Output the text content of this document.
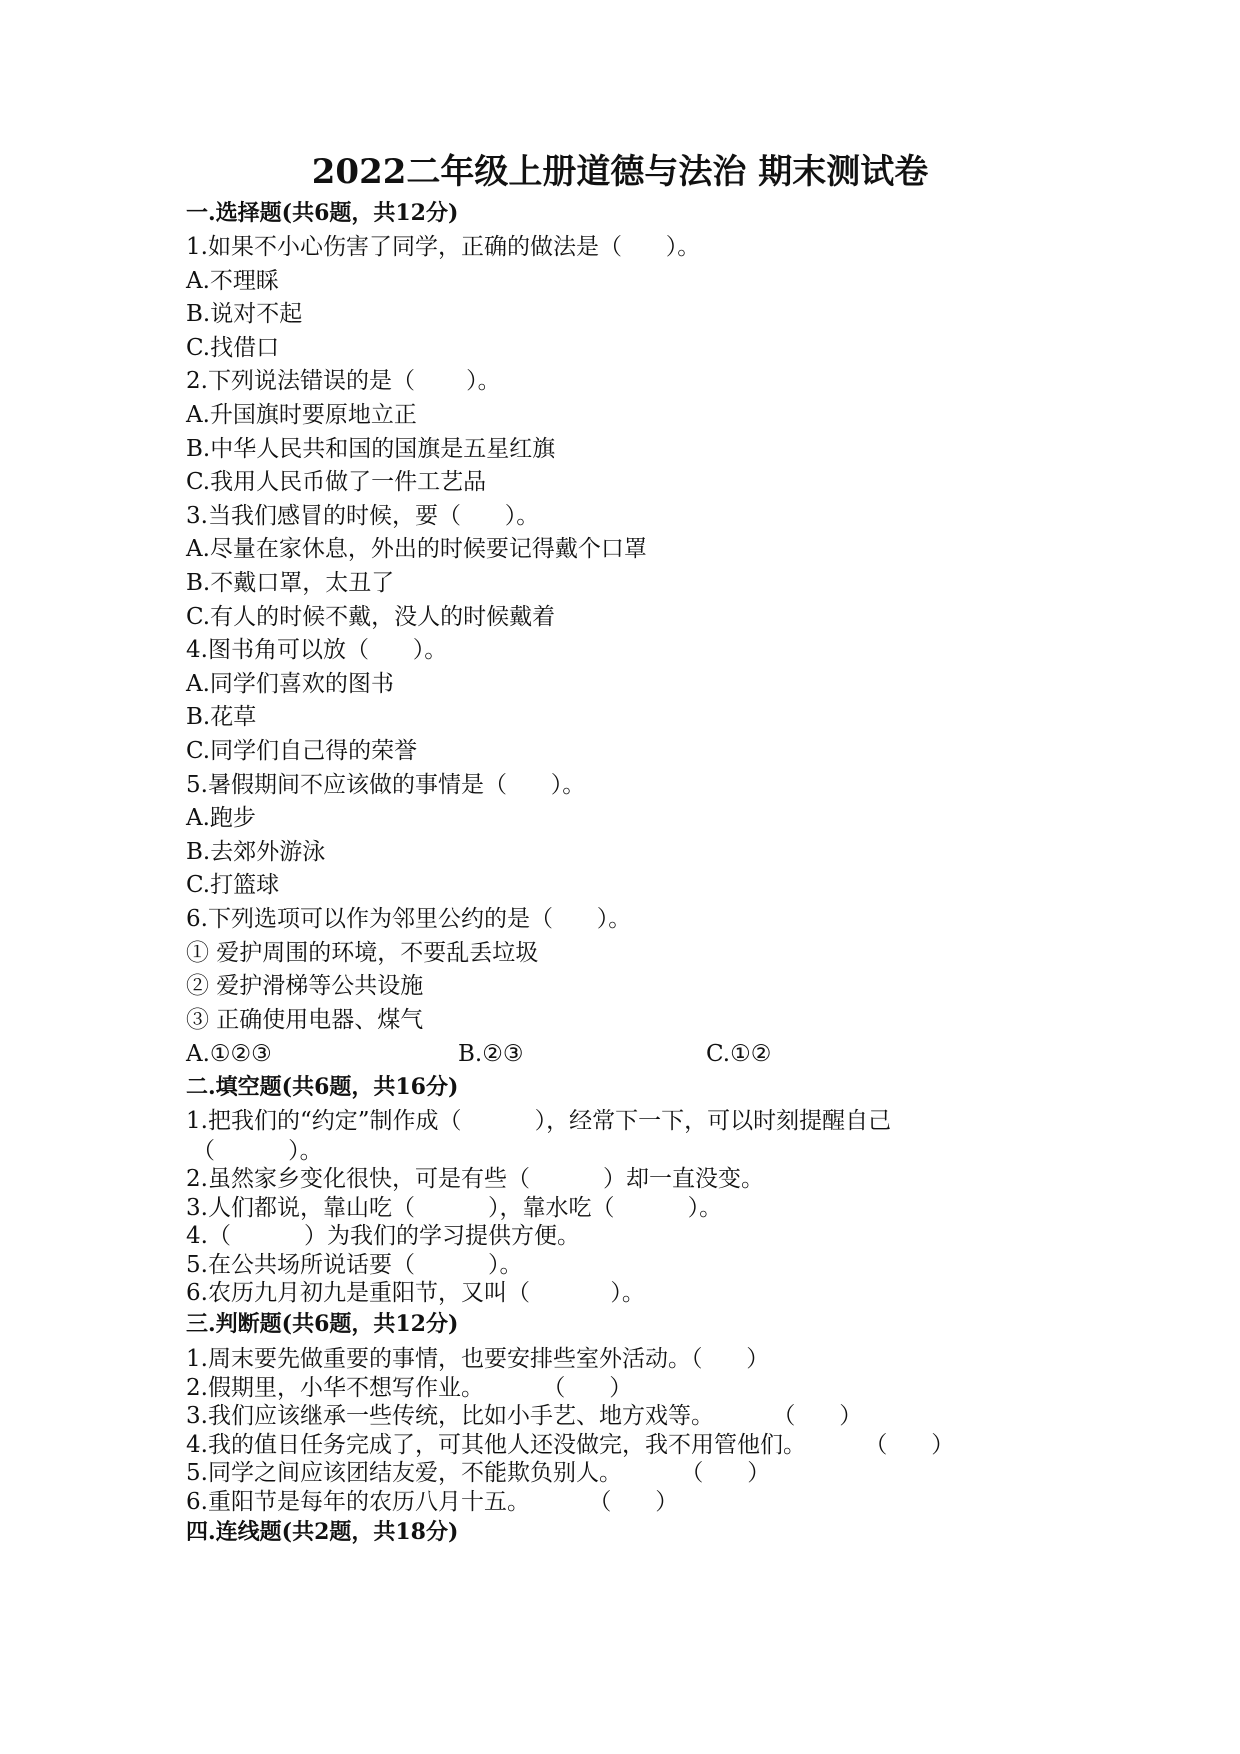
2022二年级上册道德与法治 期末测试卷
一.选择题(共6题，共12分)
1.如果不小心伤害了同学，正确的做法是（      ）。
A.不理睬
B.说对不起
C.找借口
2.下列说法错误的是（       ）。
A.升国旗时要原地立正
B.中华人民共和国的国旗是五星红旗
C.我用人民币做了一件工艺品
3.当我们感冒的时候，要（      ）。
A.尽量在家休息，外出的时候要记得戴个口罩
B.不戴口罩，太丑了
C.有人的时候不戴，没人的时候戴着
4.图书角可以放（      ）。
A.同学们喜欢的图书
B.花草
C.同学们自己得的荣誉
5.暑假期间不应该做的事情是（      ）。
A.跑步
B.去郊外游泳
C.打篮球
6.下列选项可以作为邻里公约的是（      ）。
① 爱护周围的环境，不要乱丢垃圾
② 爱护滑梯等公共设施
③ 正确使用电器、煤气
A.①②③	B.②③	C.①②
二.填空题(共6题，共16分)
1.把我们的“约定”制作成（          ），经常下一下，可以时刻提醒自己
（          ）。
2.虽然家乡变化很快，可是有些（          ）却一直没变。
3.人们都说，靠山吃（          ），靠水吃（          ）。
4.（          ）为我们的学习提供方便。
5.在公共场所说话要（          ）。
6.农历九月初九是重阳节，又叫（           ）。
三.判断题(共6题，共12分)
1.周末要先做重要的事情，也要安排些室外活动。（      ）
2.假期里，小华不想写作业。        （      ）
3.我们应该继承一些传统，比如小手艺、地方戏等。        （      ）
4.我的值日任务完成了，可其他人还没做完，我不用管他们。        （      ）
5.同学之间应该团结友爱，不能欺负别人。        （      ）
6.重阳节是每年的农历八月十五。        （      ）
四.连线题(共2题，共18分)
